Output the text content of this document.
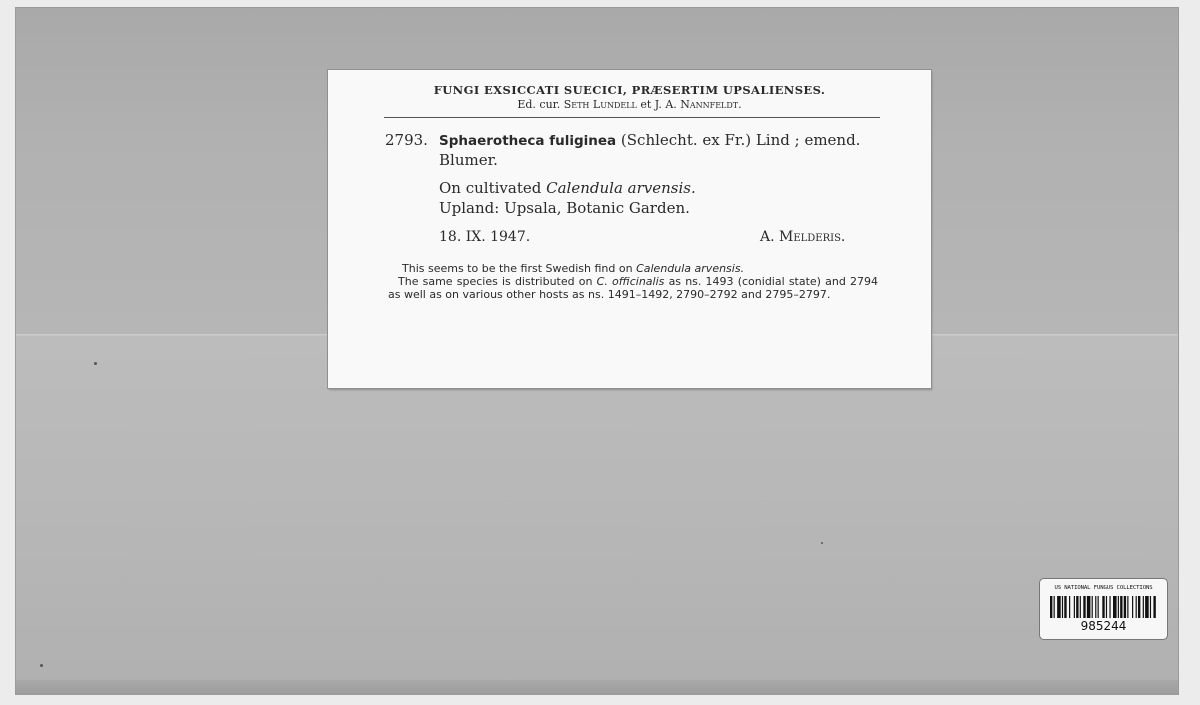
FUNGI EXSICCATI SUECICI, PRÆSERTIM UPSALIENSES.
Ed. cur. Seth Lundell et J. A. Nannfeldt.
2793. Sphaerotheca fuliginea (Schlecht. ex Fr.) Lind ; emend.
Blumer.
On cultivated Calendula arvensis.
Upland: Upsala, Botanic Garden.
18. IX. 1947.	A. Melderis.

This seems to be the first Swedish find on Calendula arvensis.

The same species is distributed on C. officinalis as ns. 1493 (conidial state) and 2794 as well as on various other hosts as ns. 1491–1492, 2790–2792 and 2795–2797.

US NATIONAL FUNGUS COLLECTIONS
985244
